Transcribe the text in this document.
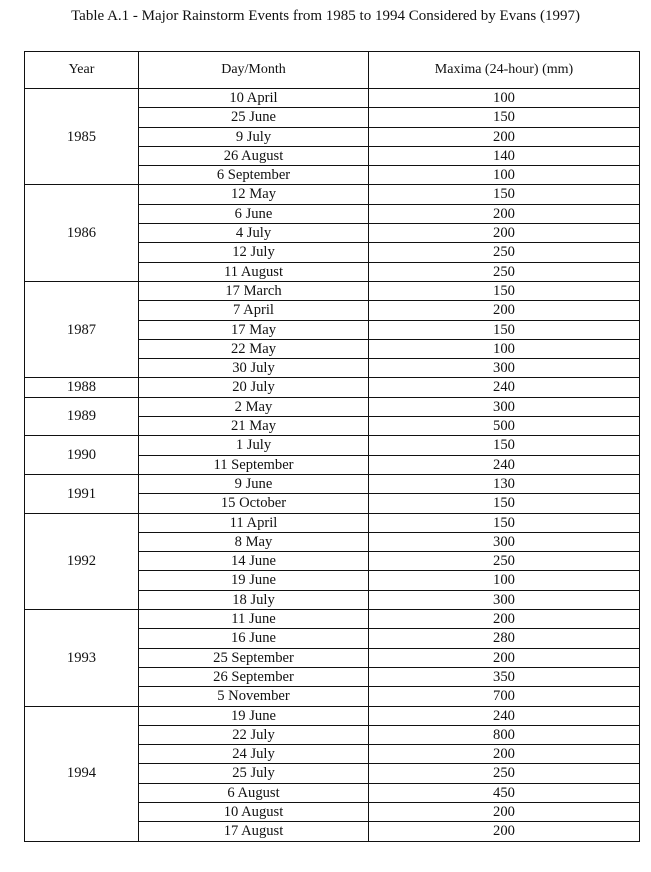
Table A.1 - Major Rainstorm Events from 1985 to 1994 Considered by Evans (1997)
Year	Day/Month	Maxima (24-hour) (mm)
1985	10 April	100
	25 June	150
	9 July	200
	26 August	140
	6 September	100
1986	12 May	150
	6 June	200
	4 July	200
	12 July	250
	11 August	250
1987	17 March	150
	7 April	200
	17 May	150
	22 May	100
	30 July	300
1988	20 July	240
1989	2 May	300
	21 May	500
1990	1 July	150
	11 September	240
1991	9 June	130
	15 October	150
1992	11 April	150
	8 May	300
	14 June	250
	19 June	100
	18 July	300
1993	11 June	200
	16 June	280
	25 September	200
	26 September	350
	5 November	700
1994	19 June	240
	22 July	800
	24 July	200
	25 July	250
	6 August	450
	10 August	200
	17 August	200
